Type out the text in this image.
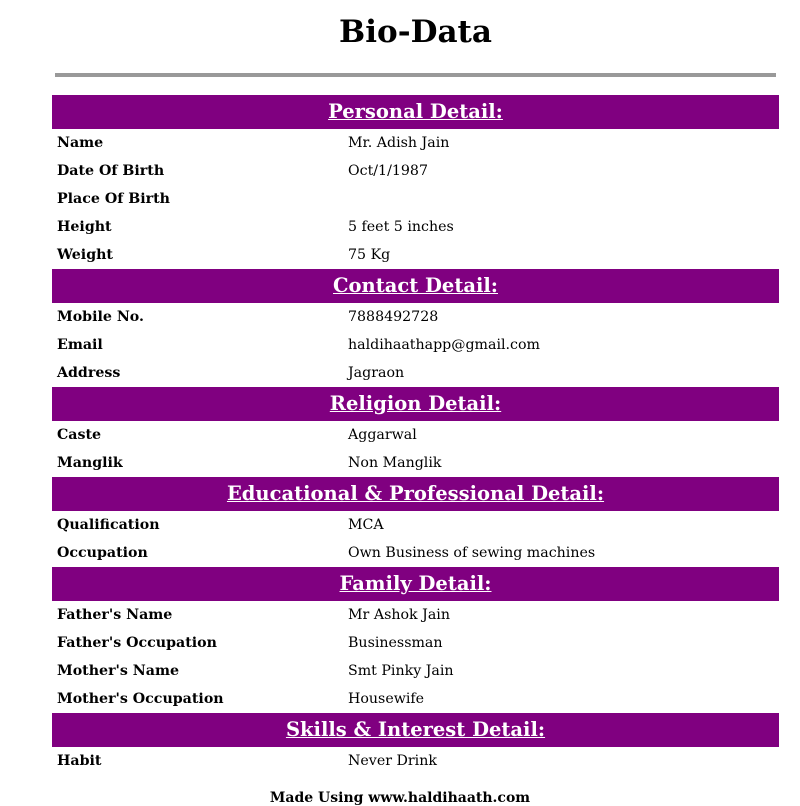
Bio-Data
Personal Detail:
Name	Mr. Adish Jain
Date Of Birth	Oct/1/1987
Place Of Birth
Height	5 feet 5 inches
Weight	75 Kg
Contact Detail:
Mobile No.	7888492728
Email	haldihaathapp@gmail.com
Address	Jagraon
Religion Detail:
Caste	Aggarwal
Manglik	Non Manglik
Educational & Professional Detail:
Qualification	MCA
Occupation	Own Business of sewing machines
Family Detail:
Father's Name	Mr Ashok Jain
Father's Occupation	Businessman
Mother's Name	Smt Pinky Jain
Mother's Occupation	Housewife
Skills & Interest Detail:
Habit	Never Drink
Made Using www.haldihaath.com
